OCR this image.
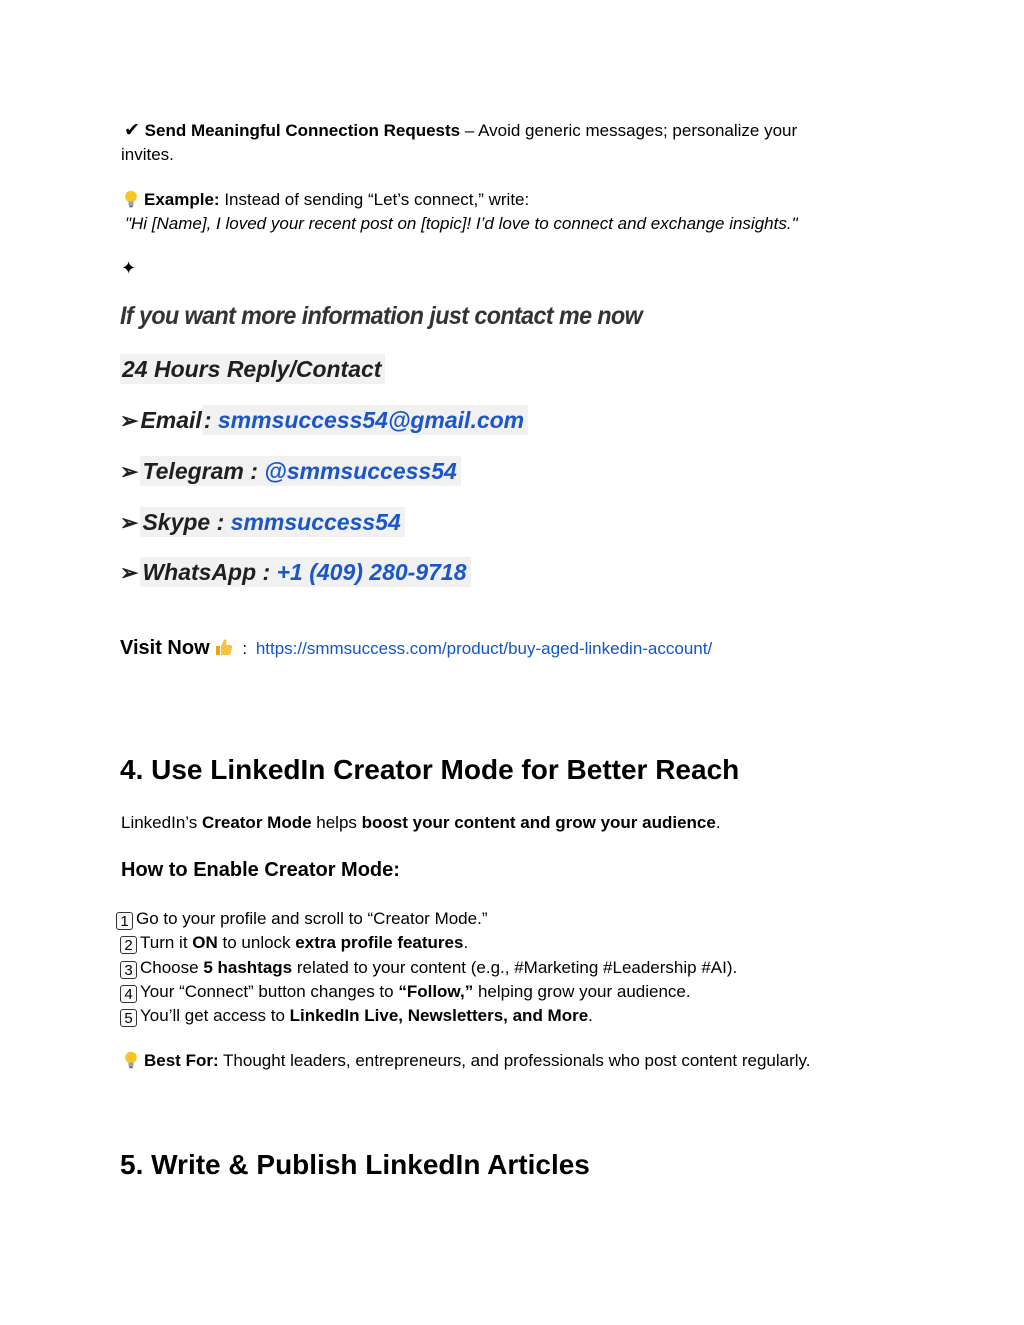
✔ Send Meaningful Connection Requests – Avoid generic messages; personalize your
invites.
Example: Instead of sending “Let’s connect,” write:
"Hi [Name], I loved your recent post on [topic]! I’d love to connect and exchange insights."
✦
If you want more information just contact me now
24 Hours Reply/Contact
➢Email: smmsuccess54@gmail.com
➢ Telegram : @smmsuccess54
➢ Skype : smmsuccess54
➢ WhatsApp : +1 (409) 280-9718
Visit Now : https://smmsuccess.com/product/buy-aged-linkedin-account/
4. Use LinkedIn Creator Mode for Better Reach
LinkedIn’s Creator Mode helps boost your content and grow your audience.
How to Enable Creator Mode:
1 Go to your profile and scroll to “Creator Mode.”
2 Turn it ON to unlock extra profile features.
3 Choose 5 hashtags related to your content (e.g., #Marketing #Leadership #AI).
4 Your “Connect” button changes to “Follow,” helping grow your audience.
5 You’ll get access to LinkedIn Live, Newsletters, and More.
Best For: Thought leaders, entrepreneurs, and professionals who post content regularly.
5. Write & Publish LinkedIn Articles
